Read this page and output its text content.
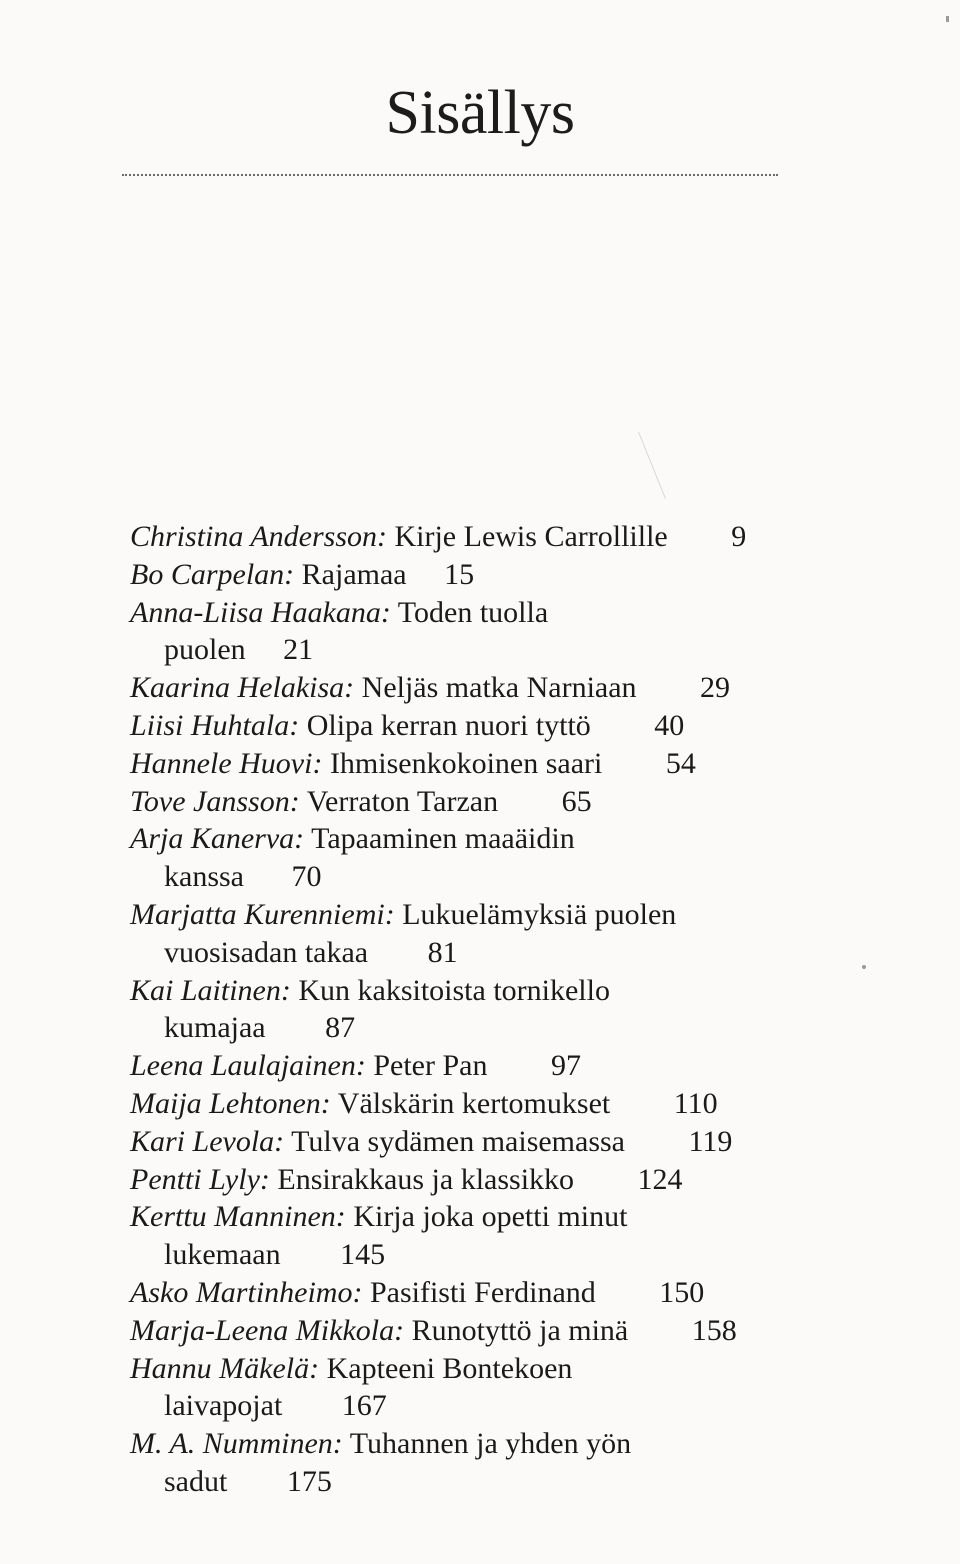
Sisällys
Christina Andersson: Kirje Lewis Carrollille 9
Bo Carpelan: Rajamaa 15
Anna-Liisa Haakana: Toden tuolla
puolen 21
Kaarina Helakisa: Neljäs matka Narniaan 29
Liisi Huhtala: Olipa kerran nuori tyttö 40
Hannele Huovi: Ihmisenkokoinen saari 54
Tove Jansson: Verraton Tarzan 65
Arja Kanerva: Tapaaminen maaäidin
kanssa 70
Marjatta Kurenniemi: Lukuelämyksiä puolen
vuosisadan takaa 81
Kai Laitinen: Kun kaksitoista tornikello
kumajaa 87
Leena Laulajainen: Peter Pan 97
Maija Lehtonen: Välskärin kertomukset 110
Kari Levola: Tulva sydämen maisemassa 119
Pentti Lyly: Ensirakkaus ja klassikko 124
Kerttu Manninen: Kirja joka opetti minut
lukemaan 145
Asko Martinheimo: Pasifisti Ferdinand 150
Marja-Leena Mikkola: Runotyttö ja minä 158
Hannu Mäkelä: Kapteeni Bontekoen
laivapojat 167
M. A. Numminen: Tuhannen ja yhden yön
sadut 175
